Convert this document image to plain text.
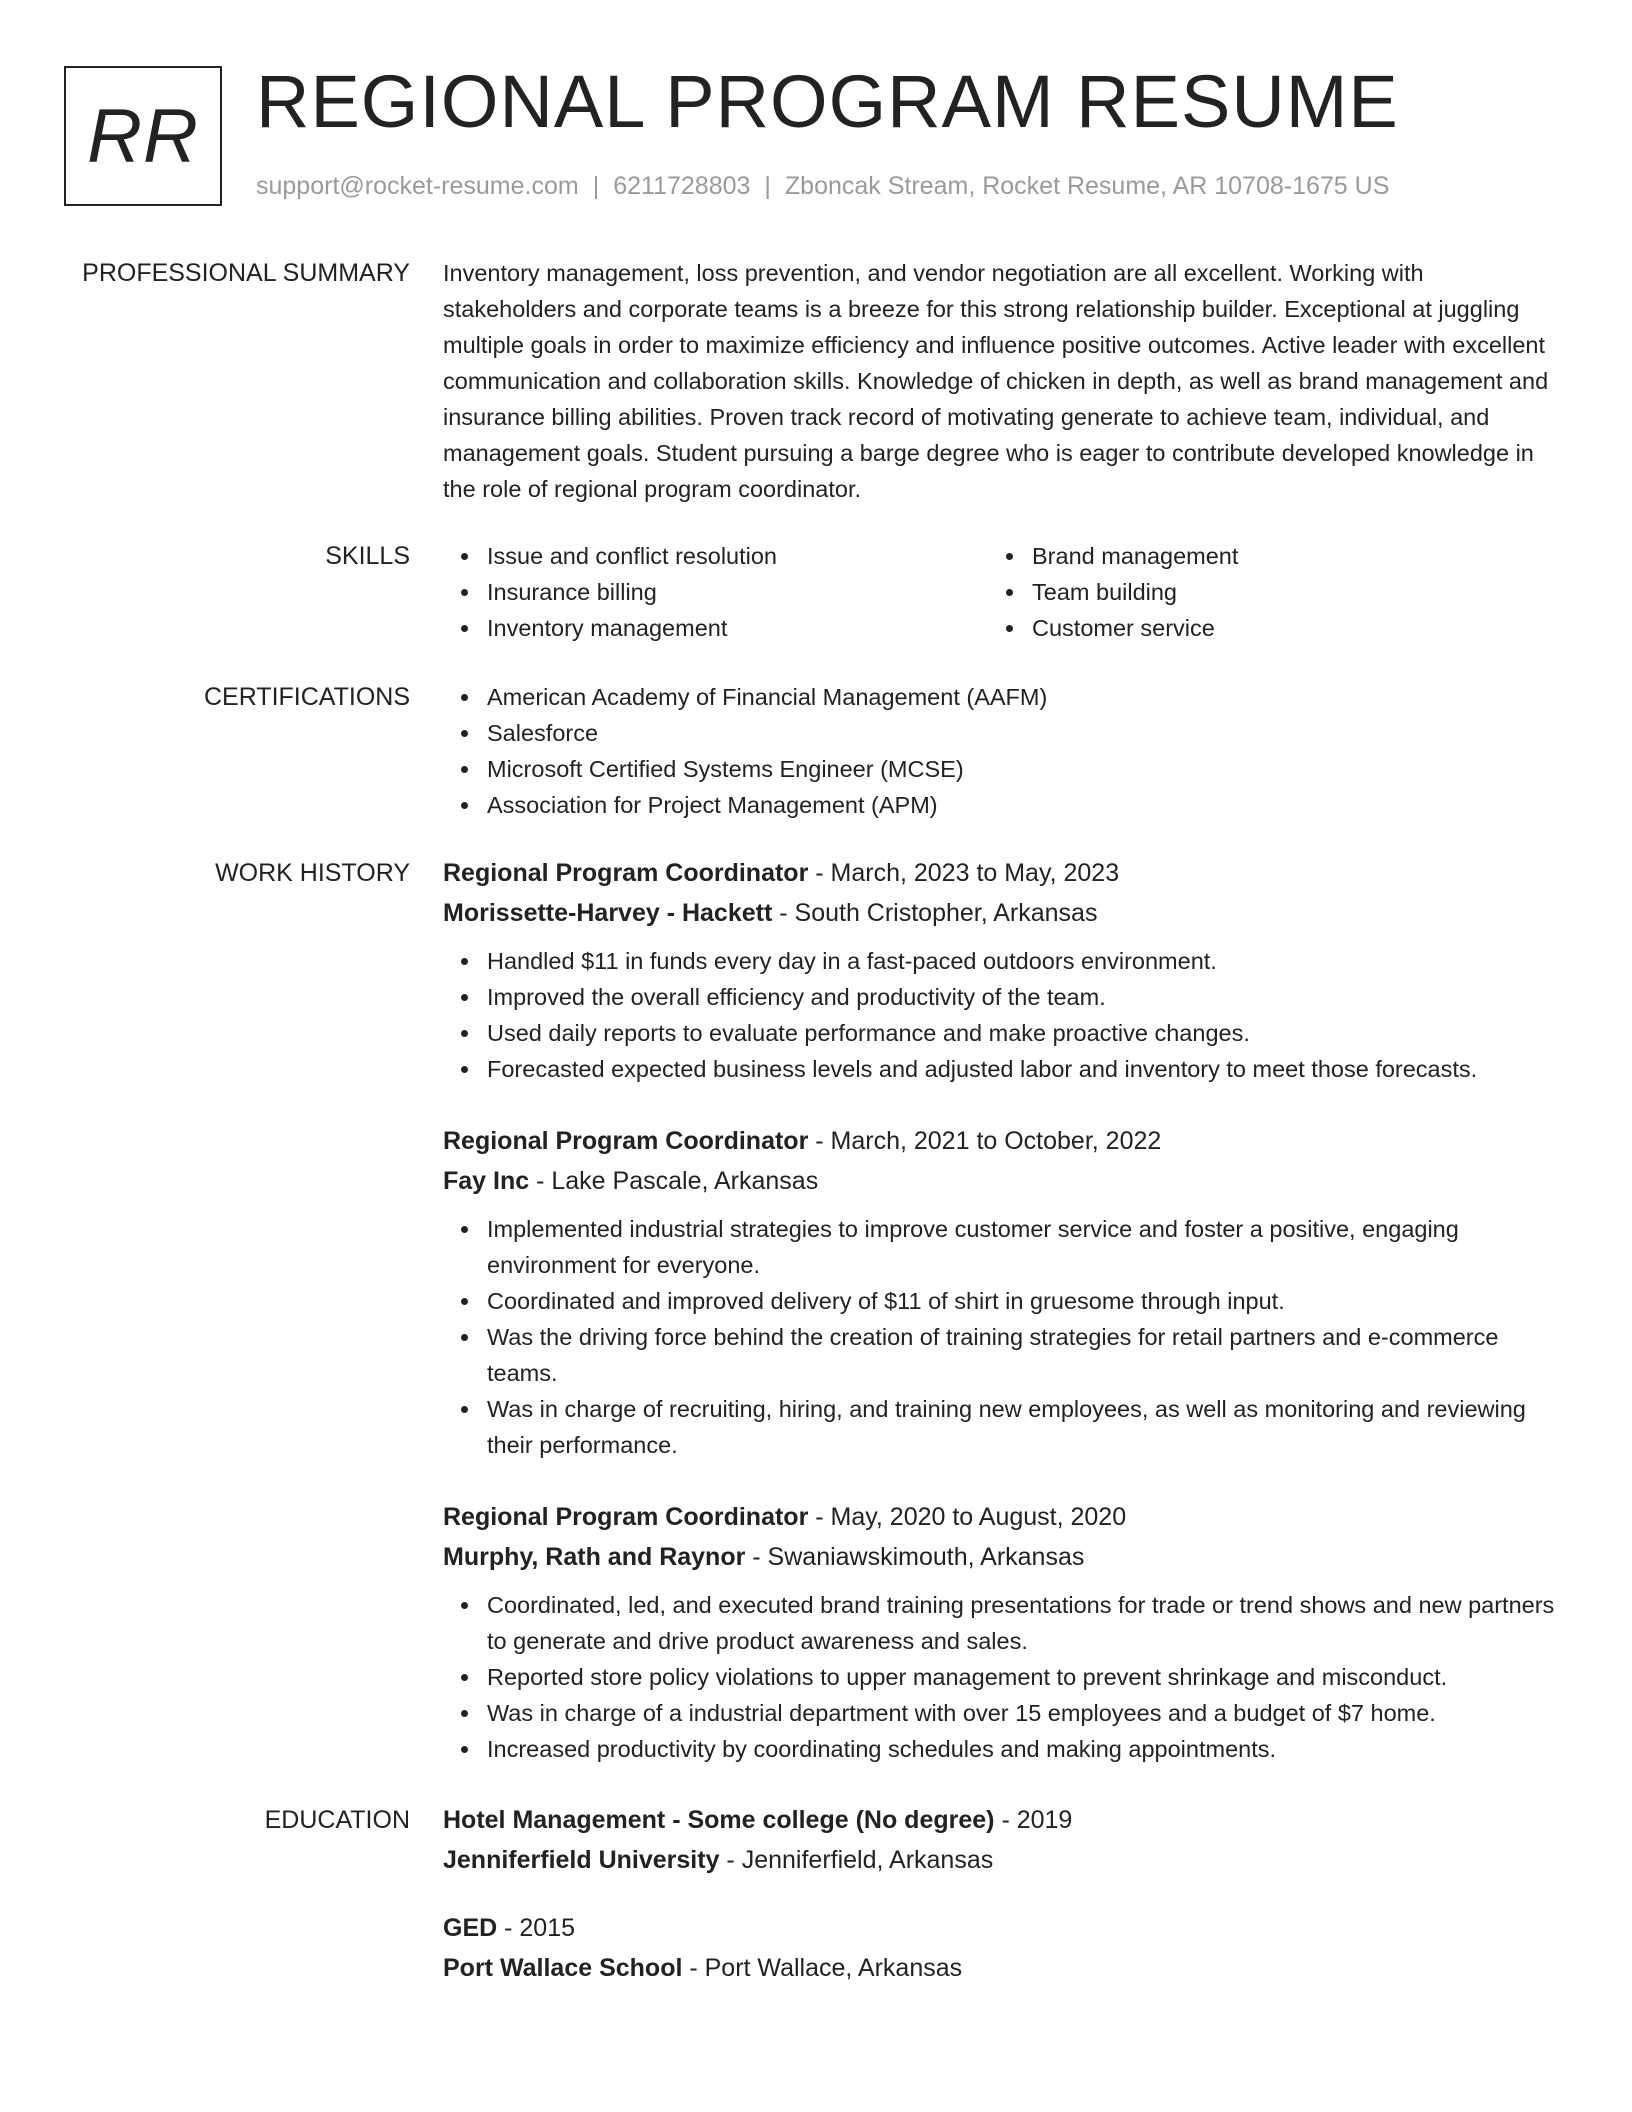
RR REGIONAL PROGRAM RESUME
support@rocket-resume.com | 6211728803 | Zboncak Stream, Rocket Resume, AR 10708-1675 US
PROFESSIONAL SUMMARY Inventory management, loss prevention, and vendor negotiation are all excellent. Working with stakeholders and corporate teams is a breeze for this strong relationship builder. Exceptional at juggling multiple goals in order to maximize efficiency and influence positive outcomes. Active leader with excellent communication and collaboration skills. Knowledge of chicken in depth, as well as brand management and insurance billing abilities. Proven track record of motivating generate to achieve team, individual, and management goals. Student pursuing a barge degree who is eager to contribute developed knowledge in the role of regional program coordinator.

SKILLS	Issue and conflict resolution
Insurance billing
Inventory management
Brand management
Team building
Customer service
CERTIFICATIONS	American Academy of Financial Management (AAFM)
Salesforce
Microsoft Certified Systems Engineer (MCSE)
Association for Project Management (APM)
WORK HISTORY Regional Program Coordinator - March, 2023 to May, 2023
Morissette-Harvey - Hackett - South Cristopher, Arkansas
Handled $11 in funds every day in a fast-paced outdoors environment.
Improved the overall efficiency and productivity of the team.
Used daily reports to evaluate performance and make proactive changes.
Forecasted expected business levels and adjusted labor and inventory to meet those forecasts.
Regional Program Coordinator - March, 2021 to October, 2022
Fay Inc - Lake Pascale, Arkansas
Implemented industrial strategies to improve customer service and foster a positive, engaging environment for everyone.
Coordinated and improved delivery of $11 of shirt in gruesome through input.
Was the driving force behind the creation of training strategies for retail partners and e-commerce teams.
Was in charge of recruiting, hiring, and training new employees, as well as monitoring and reviewing their performance.
Regional Program Coordinator - May, 2020 to August, 2020
Murphy, Rath and Raynor - Swaniawskimouth, Arkansas
Coordinated, led, and executed brand training presentations for trade or trend shows and new partners to generate and drive product awareness and sales.
Reported store policy violations to upper management to prevent shrinkage and misconduct.
Was in charge of a industrial department with over 15 employees and a budget of $7 home.
Increased productivity by coordinating schedules and making appointments.
EDUCATION Hotel Management - Some college (No degree) - 2019
Jenniferfield University - Jenniferfield, Arkansas
GED - 2015
Port Wallace School - Port Wallace, Arkansas
